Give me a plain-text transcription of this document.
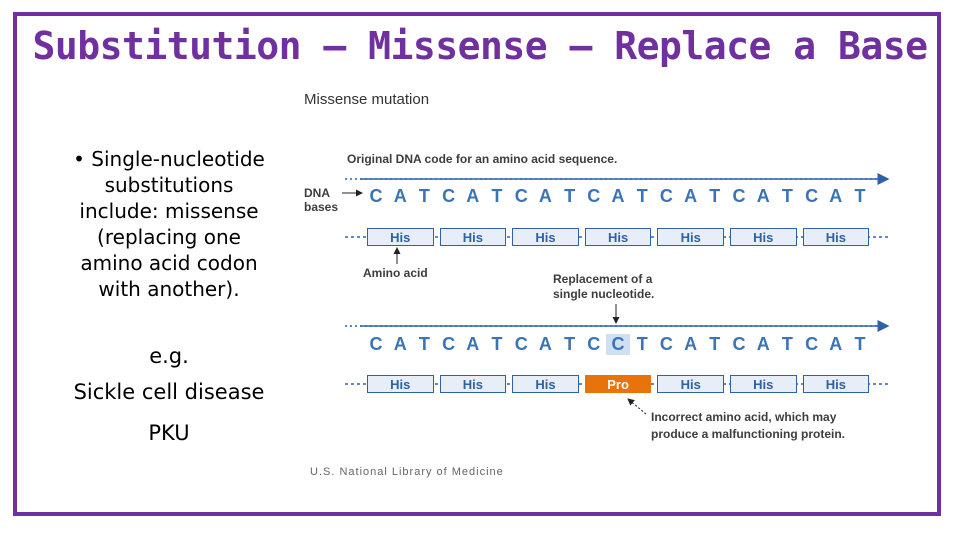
Substitution – Missense – Replace a Base
• Single-nucleotide
substitutions
include: missense
(replacing one
amino acid codon
with another).
e.g.
Sickle cell disease
PKU
Missense mutation
Original DNA code for an amino acid sequence.
DNA
bases
Amino acid	Replacement of a
single nucleotide.
Incorrect amino acid, which may
produce a malfunctioning protein.
C A T C A T C A T C A T C A T C A T C A T
His	His	His	His	His	His	His
C A T C A T C A T C C T C A T C A T C A T
His	His	His	Pro	His	His	His
U.S. National Library of Medicine
